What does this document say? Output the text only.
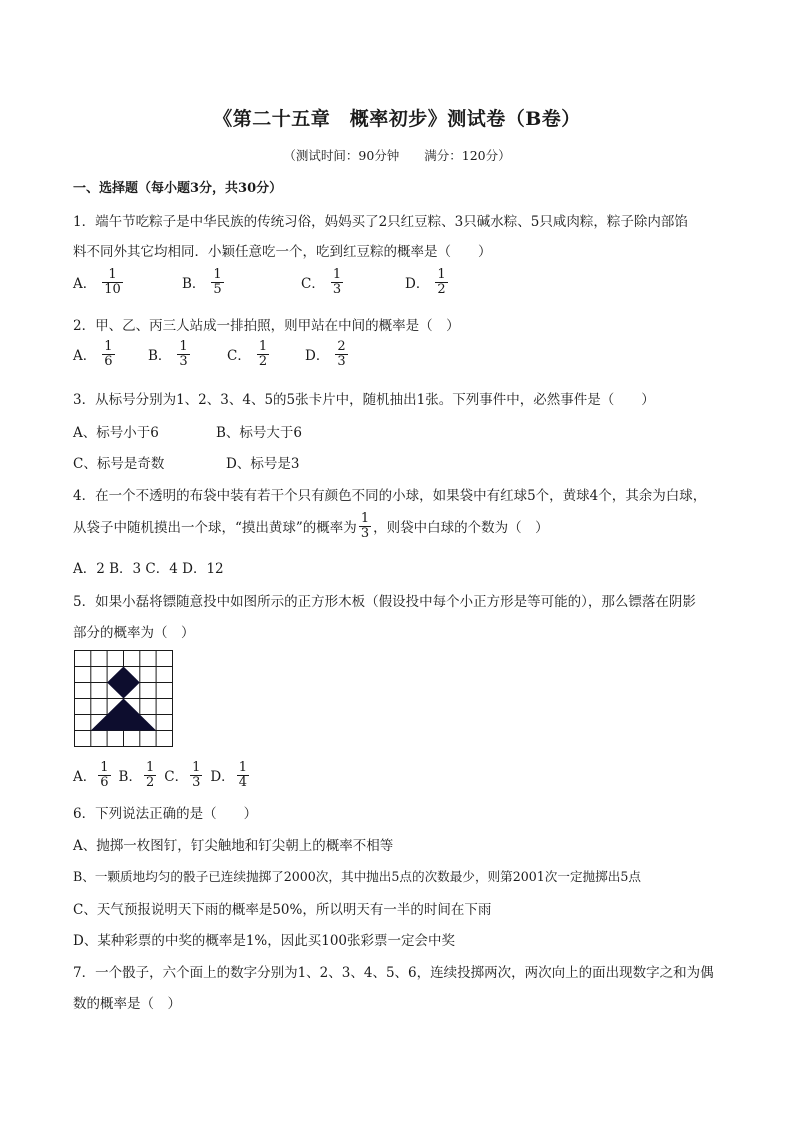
《第二十五章　概率初步》测试卷（B卷）
（测试时间：90分钟　　满分：120分）
一、选择题（每小题3分，共30分）
1．端午节吃粽子是中华民族的传统习俗，妈妈买了2只红豆粽、3只碱水粽、5只咸肉粽，粽子除内部馅
料不同外其它均相同．小颖任意吃一个，吃到红豆粽的概率是（　　）
A． $\frac{1}{10}$	B． $\frac{1}{5}$	C． $\frac{1}{3}$	D． $\frac{1}{2}$
2．甲、乙、丙三人站成一排拍照，则甲站在中间的概率是（　）
A． $\frac{1}{6}$ B． $\frac{1}{3}$	C． $\frac{1}{2}$	D． $\frac{2}{3}$
3．从标号分别为1、2、3、4、5的5张卡片中，随机抽出1张。下列事件中，必然事件是（　　）
A、标号小于6	B、标号大于6
C、标号是奇数	D、标号是3
4．在一个不透明的布袋中装有若干个只有颜色不同的小球，如果袋中有红球5个，黄球4个，其余为白球，
从袋子中随机摸出一个球，“摸出黄球”的概率为 $\frac{1}{3}$ ，则袋中白球的个数为（　）
A．2 B．3 C．4 D．12
5．如果小磊将镖随意投中如图所示的正方形木板（假设投中每个小正方形是等可能的），那么镖落在阴影
部分的概率为（　）
A． $\frac{1}{6}$ B． $\frac{1}{2}$ C． $\frac{1}{3}$ D． $\frac{1}{4}$
6．下列说法正确的是（　　）
A、抛掷一枚图钉，钉尖触地和钉尖朝上的概率不相等
B、一颗质地均匀的骰子已连续抛掷了2000次，其中抛出5点的次数最少，则第2001次一定抛掷出5点
C、天气预报说明天下雨的概率是50%，所以明天有一半的时间在下雨
D、某种彩票的中奖的概率是1%，因此买100张彩票一定会中奖
7．一个骰子，六个面上的数字分别为1、2、3、4、5、6，连续投掷两次，两次向上的面出现数字之和为偶
数的概率是（　）
